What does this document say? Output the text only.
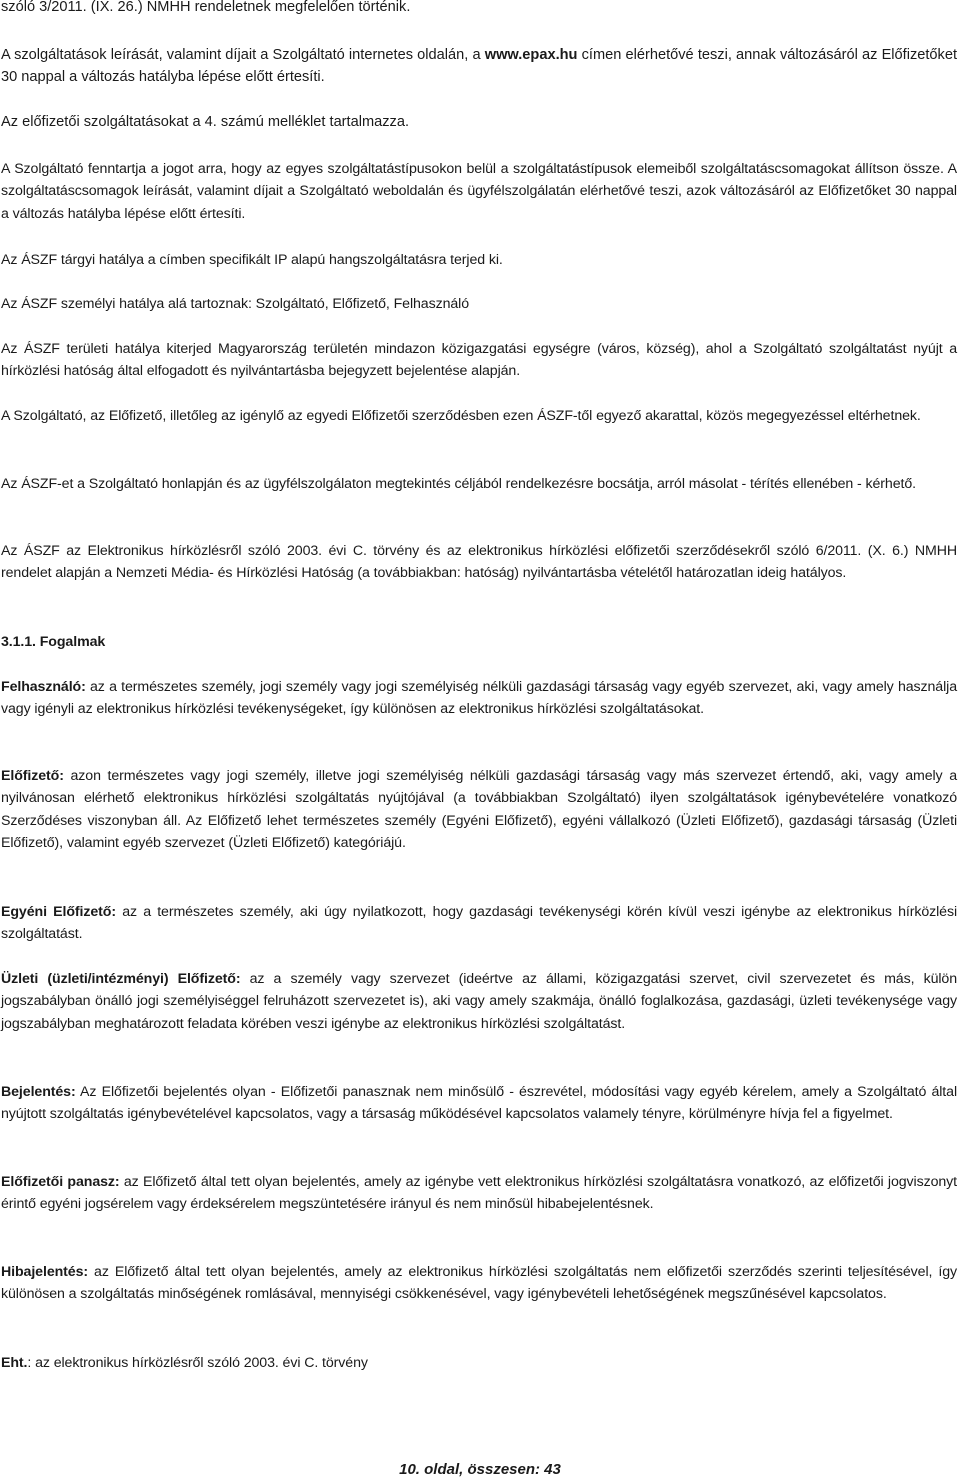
szóló 3/2011. (IX. 26.) NMHH rendeletnek megfelelően történik.

A szolgáltatások leírását, valamint díjait a Szolgáltató internetes oldalán, a www.epax.hu címen elérhetővé teszi, annak változásáról az Előfizetőket 30 nappal a változás hatályba lépése előtt értesíti.

Az előfizetői szolgáltatásokat a 4. számú melléklet tartalmazza.

A Szolgáltató fenntartja a jogot arra, hogy az egyes szolgáltatástípusokon belül a szolgáltatástípusok elemeiből szolgáltatáscsomagokat állítson össze. A szolgáltatáscsomagok leírását, valamint díjait a Szolgáltató weboldalán és ügyfélszolgálatán elérhetővé teszi, azok változásáról az Előfizetőket 30 nappal a változás hatályba lépése előtt értesíti.

Az ÁSZF tárgyi hatálya a címben specifikált IP alapú hangszolgáltatásra terjed ki.

Az ÁSZF személyi hatálya alá tartoznak: Szolgáltató, Előfizető, Felhasználó

Az ÁSZF területi hatálya kiterjed Magyarország területén mindazon közigazgatási egységre (város, község), ahol a Szolgáltató szolgáltatást nyújt a hírközlési hatóság által elfogadott és nyilvántartásba bejegyzett bejelentése alapján.

A Szolgáltató, az Előfizető, illetőleg az igénylő az egyedi Előfizetői szerződésben ezen ÁSZF-től egyező akarattal, közös megegyezéssel eltérhetnek.

Az ÁSZF-et a Szolgáltató honlapján és az ügyfélszolgálaton megtekintés céljából rendelkezésre bocsátja, arról másolat - térítés ellenében - kérhető.

Az ÁSZF az Elektronikus hírközlésről szóló 2003. évi C. törvény és az elektronikus hírközlési előfizetői szerződésekről szóló 6/2011. (X. 6.) NMHH rendelet alapján a Nemzeti Média- és Hírközlési Hatóság (a továbbiakban: hatóság) nyilvántartásba vételétől határozatlan ideig hatályos.

3.1.1. Fogalmak

Felhasználó: az a természetes személy, jogi személy vagy jogi személyiség nélküli gazdasági társaság vagy egyéb szervezet, aki, vagy amely használja vagy igényli az elektronikus hírközlési tevékenységeket, így különösen az elektronikus hírközlési szolgáltatásokat.

Előfizető: azon természetes vagy jogi személy, illetve jogi személyiség nélküli gazdasági társaság vagy más szervezet értendő, aki, vagy amely a nyilvánosan elérhető elektronikus hírközlési szolgáltatás nyújtójával (a továbbiakban Szolgáltató) ilyen szolgáltatások igénybevételére vonatkozó Szerződéses viszonyban áll. Az Előfizető lehet természetes személy (Egyéni Előfizető), egyéni vállalkozó (Üzleti Előfizető), gazdasági társaság (Üzleti Előfizető), valamint egyéb szervezet (Üzleti Előfizető) kategóriájú.

Egyéni Előfizető: az a természetes személy, aki úgy nyilatkozott, hogy gazdasági tevékenységi körén kívül veszi igénybe az elektronikus hírközlési szolgáltatást.

Üzleti (üzleti/intézményi) Előfizető: az a személy vagy szervezet (ideértve az állami, közigazgatási szervet, civil szervezetet és más, külön jogszabályban önálló jogi személyiséggel felruházott szervezetet is), aki vagy amely szakmája, önálló foglalkozása, gazdasági, üzleti tevékenysége vagy jogszabályban meghatározott feladata körében veszi igénybe az elektronikus hírközlési szolgáltatást.

Bejelentés: Az Előfizetői bejelentés olyan - Előfizetői panasznak nem minősülő - észrevétel, módosítási vagy egyéb kérelem, amely a Szolgáltató által nyújtott szolgáltatás igénybevételével kapcsolatos, vagy a társaság működésével kapcsolatos valamely tényre, körülményre hívja fel a figyelmet.

Előfizetői panasz: az Előfizető által tett olyan bejelentés, amely az igénybe vett elektronikus hírközlési szolgáltatásra vonatkozó, az előfizetői jogviszonyt érintő egyéni jogsérelem vagy érdeksérelem megszüntetésére irányul és nem minősül hibabejelentésnek.

Hibajelentés: az Előfizető által tett olyan bejelentés, amely az elektronikus hírközlési szolgáltatás nem előfizetői szerződés szerinti teljesítésével, így különösen a szolgáltatás minőségének romlásával, mennyiségi csökkenésével, vagy igénybevételi lehetőségének megszűnésével kapcsolatos.

Eht.: az elektronikus hírközlésről szóló 2003. évi C. törvény

10. oldal, összesen: 43
